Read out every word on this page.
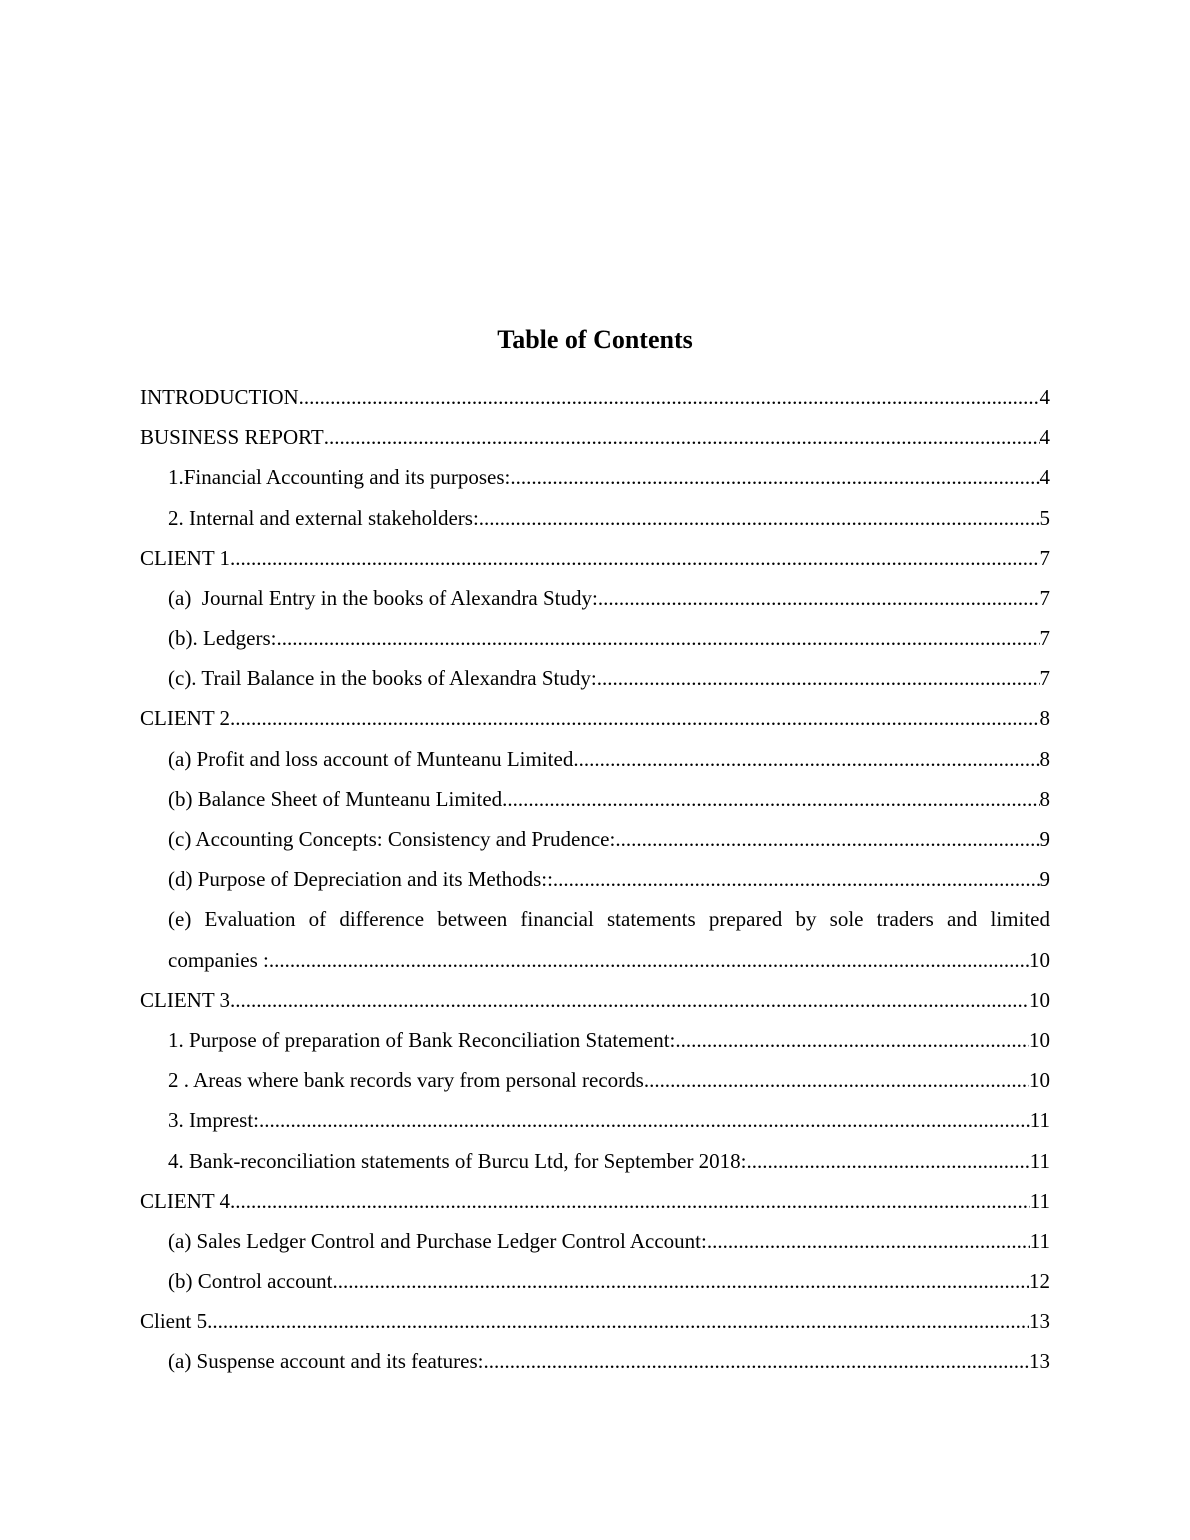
Table of Contents
INTRODUCTION .....	4
BUSINESS REPORT .....	4
1.Financial Accounting and its purposes: .....	4
2. Internal and external stakeholders: .....	5
CLIENT 1 .....	7
(a)  Journal Entry in the books of Alexandra Study: .....	7
(b). Ledgers: .....	7
(c). Trail Balance in the books of Alexandra Study: .....	7
CLIENT 2 .....	8
(a) Profit and loss account of Munteanu Limited .....	8
(b) Balance Sheet of Munteanu Limited .....	8
(c) Accounting Concepts: Consistency and Prudence: .....	9
(d) Purpose of Depreciation and its Methods:: .....	9
(e) Evaluation of difference between financial statements prepared by sole traders and limited
companies : .....	10
CLIENT 3 .....	10
1. Purpose of preparation of Bank Reconciliation Statement: .....	10
2 . Areas where bank records vary from personal records .....	10
3. Imprest: .....	11
4. Bank-reconciliation statements of Burcu Ltd, for September 2018: .....	11
CLIENT 4 .....	11
(a) Sales Ledger Control and Purchase Ledger Control Account: .....	11
(b) Control account .....	12
Client 5 .....	13
(a) Suspense account and its features: .....	13
